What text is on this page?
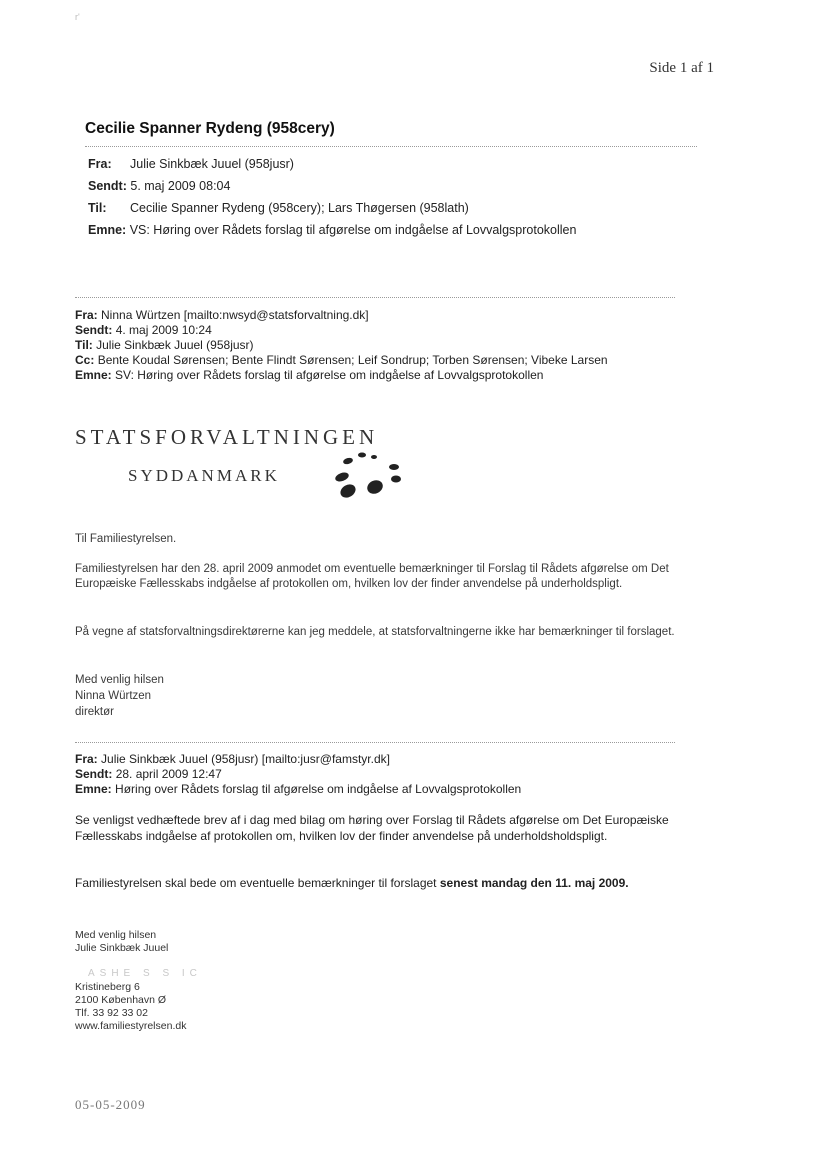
r'
Side 1 af 1
Cecilie Spanner Rydeng (958cery)
Fra: Julie Sinkbæk Juuel (958jusr)
Sendt: 5. maj 2009 08:04
Til: Cecilie Spanner Rydeng (958cery); Lars Thøgersen (958lath)
Emne: VS: Høring over Rådets forslag til afgørelse om indgåelse af Lovvalgsprotokollen
Fra: Ninna Würtzen [mailto:nwsyd@statsforvaltning.dk]
Sendt: 4. maj 2009 10:24
Til: Julie Sinkbæk Juuel (958jusr)
Cc: Bente Koudal Sørensen; Bente Flindt Sørensen; Leif Sondrup; Torben Sørensen; Vibeke Larsen
Emne: SV: Høring over Rådets forslag til afgørelse om indgåelse af Lovvalgsprotokollen
STATSFORVALTNINGEN
SYDDANMARK
Til Familiestyrelsen.
Familiestyrelsen har den 28. april 2009 anmodet om eventuelle bemærkninger til Forslag til Rådets afgørelse om Det Europæiske Fællesskabs indgåelse af protokollen om, hvilken lov der finder anvendelse på underholdspligt.
På vegne af statsforvaltningsdirektørerne kan jeg meddele, at statsforvaltningerne ikke har bemærkninger til forslaget.
Med venlig hilsen
Ninna Würtzen
direktør
Fra: Julie Sinkbæk Juuel (958jusr) [mailto:jusr@famstyr.dk]
Sendt: 28. april 2009 12:47
Emne: Høring over Rådets forslag til afgørelse om indgåelse af Lovvalgsprotokollen
Se venligst vedhæftede brev af i dag med bilag om høring over Forslag til Rådets afgørelse om Det Europæiske Fællesskabs indgåelse af protokollen om, hvilken lov der finder anvendelse på underholdsholdspligt.
Familiestyrelsen skal bede om eventuelle bemærkninger til forslaget senest mandag den 11. maj 2009.
Med venlig hilsen
Julie Sinkbæk Juuel
ASHE S S IC
Kristineberg 6
2100 København Ø
Tlf. 33 92 33 02
www.familiestyrelsen.dk
05-05-2009
